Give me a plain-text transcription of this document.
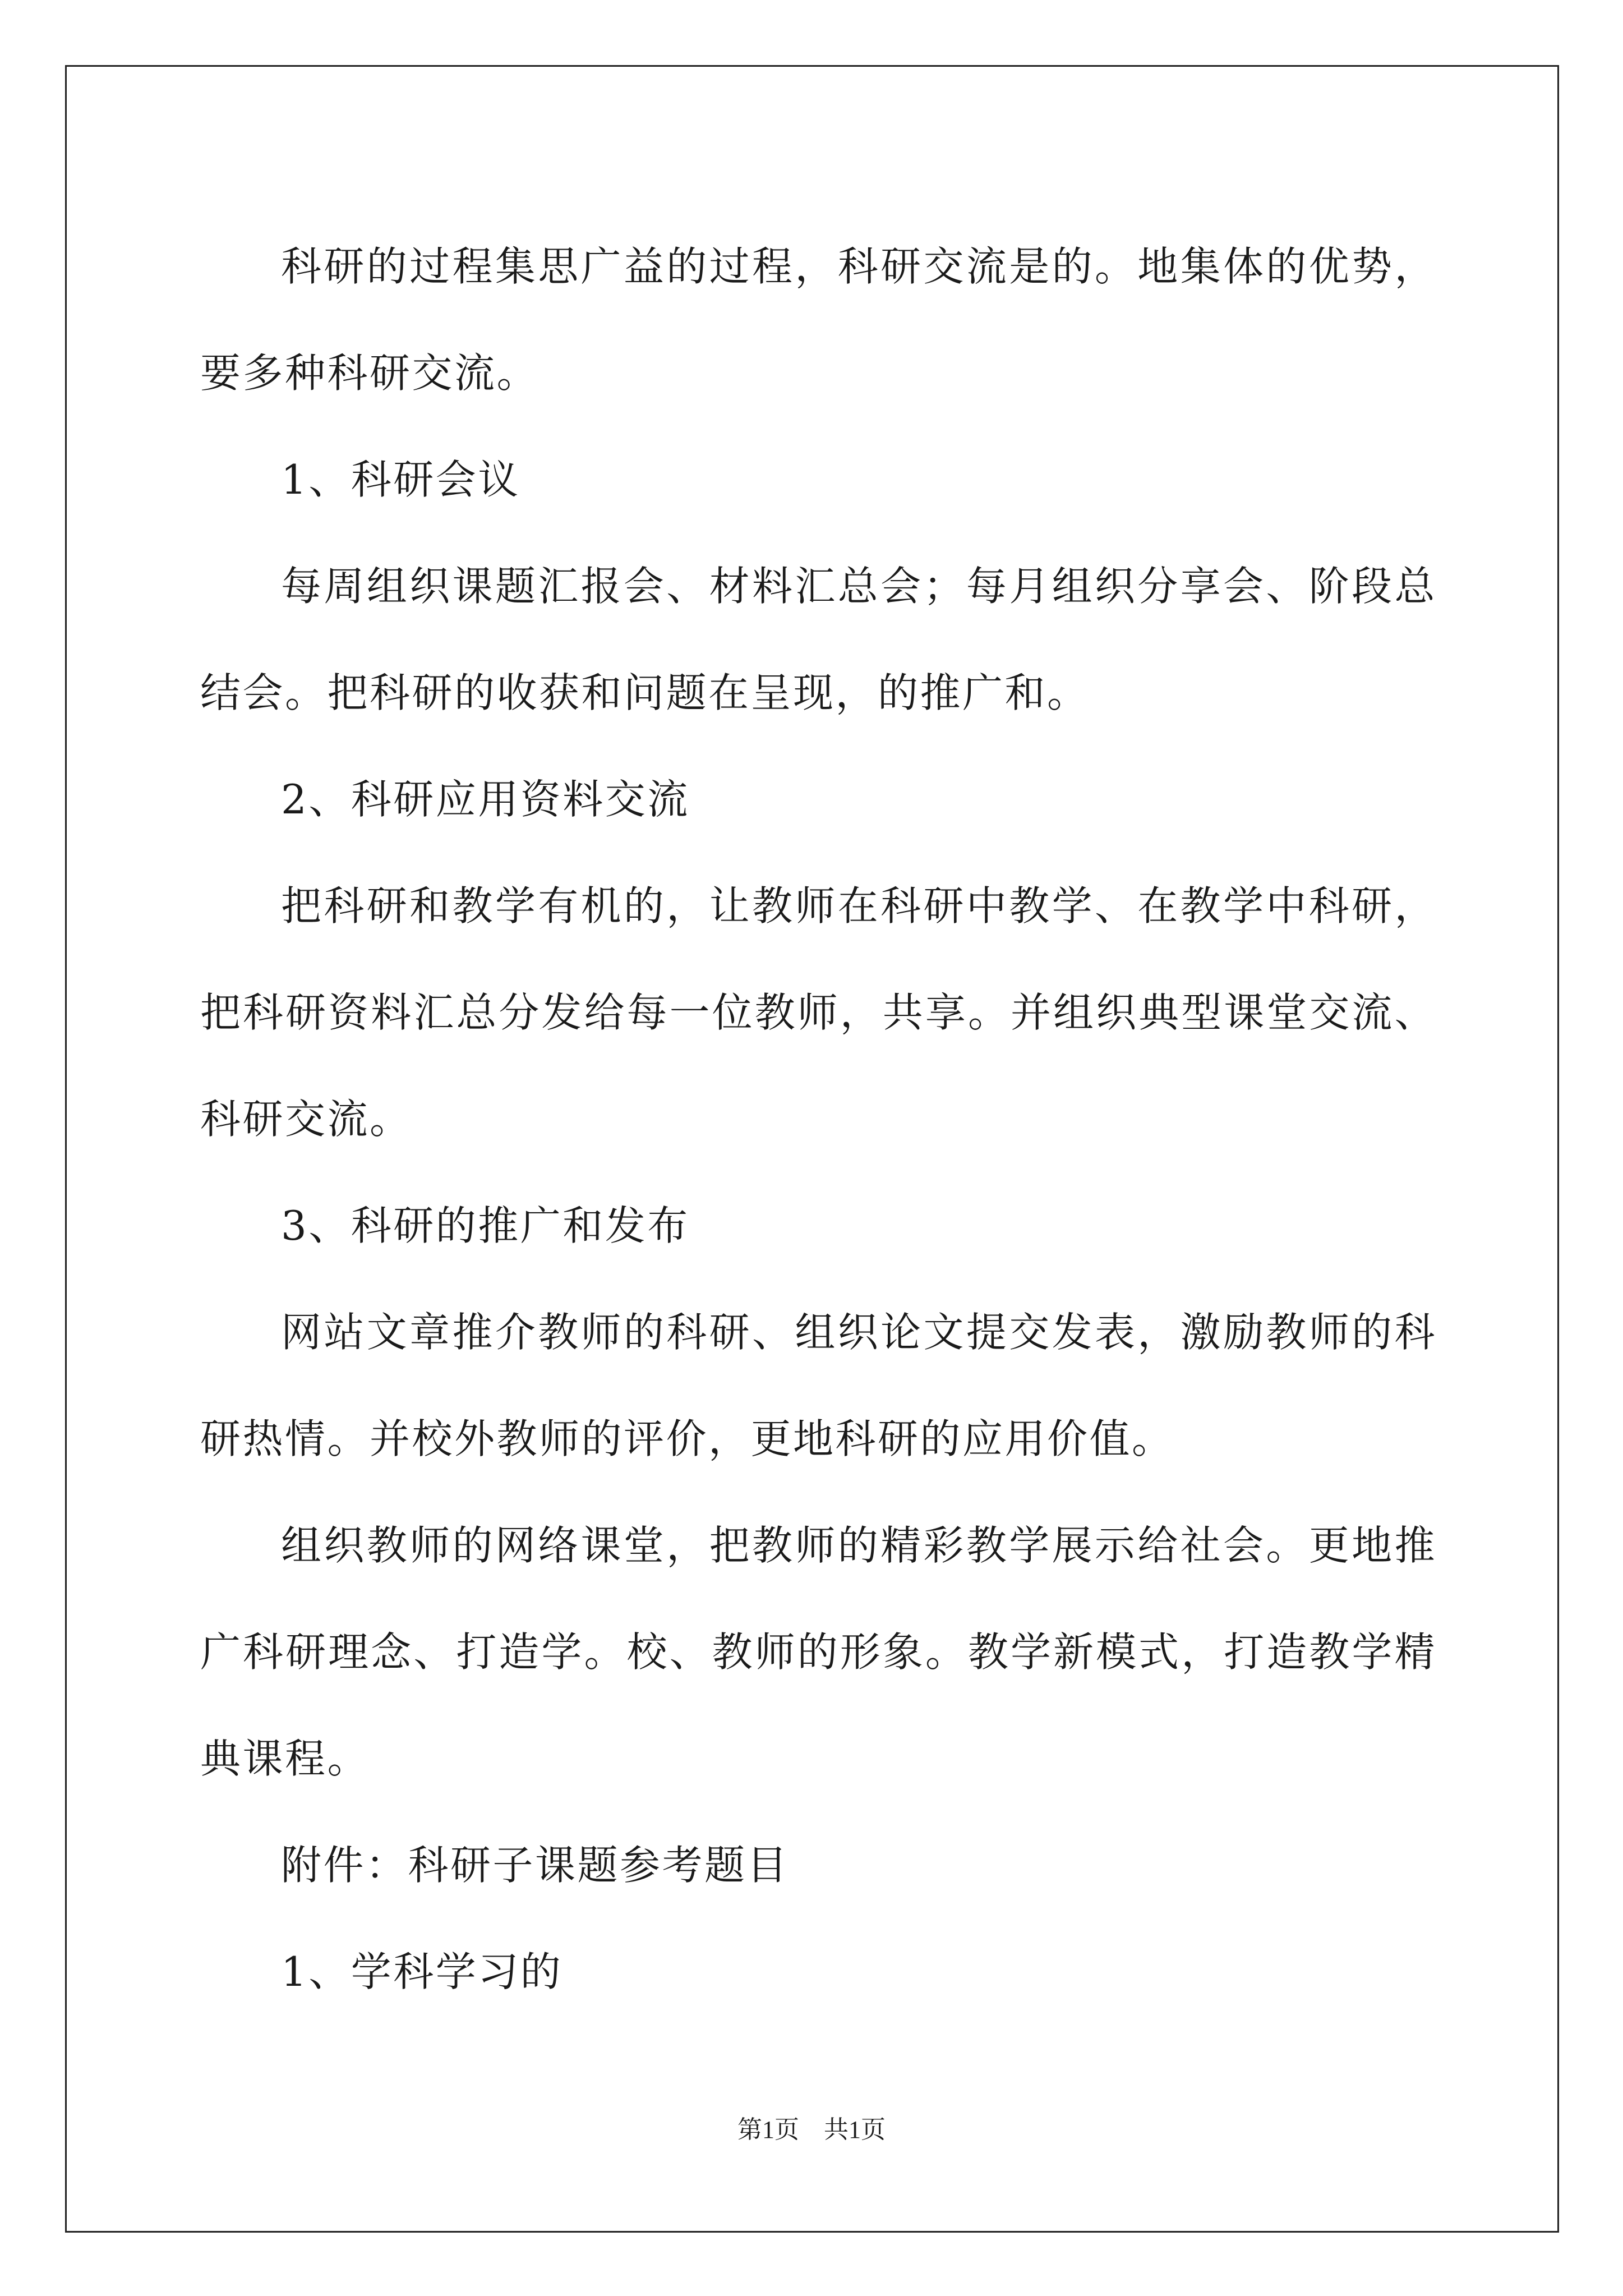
科研的过程集思广益的过程，科研交流是的。地集体的优势，要多种科研交流。

1、科研会议

每周组织课题汇报会、材料汇总会；每月组织分享会、阶段总结会。把科研的收获和问题在呈现，的推广和。

2、科研应用资料交流

把科研和教学有机的，让教师在科研中教学、在教学中科研，把科研资料汇总分发给每一位教师，共享。并组织典型课堂交流、科研交流。

3、科研的推广和发布

网站文章推介教师的科研、组织论文提交发表，激励教师的科研热情。并校外教师的评价，更地科研的应用价值。

组织教师的网络课堂，把教师的精彩教学展示给社会。更地推广科研理念、打造学。校、教师的形象。教学新模式，打造教学精典课程。

附件：科研子课题参考题目

1、学科学习的

第1页 共1页
